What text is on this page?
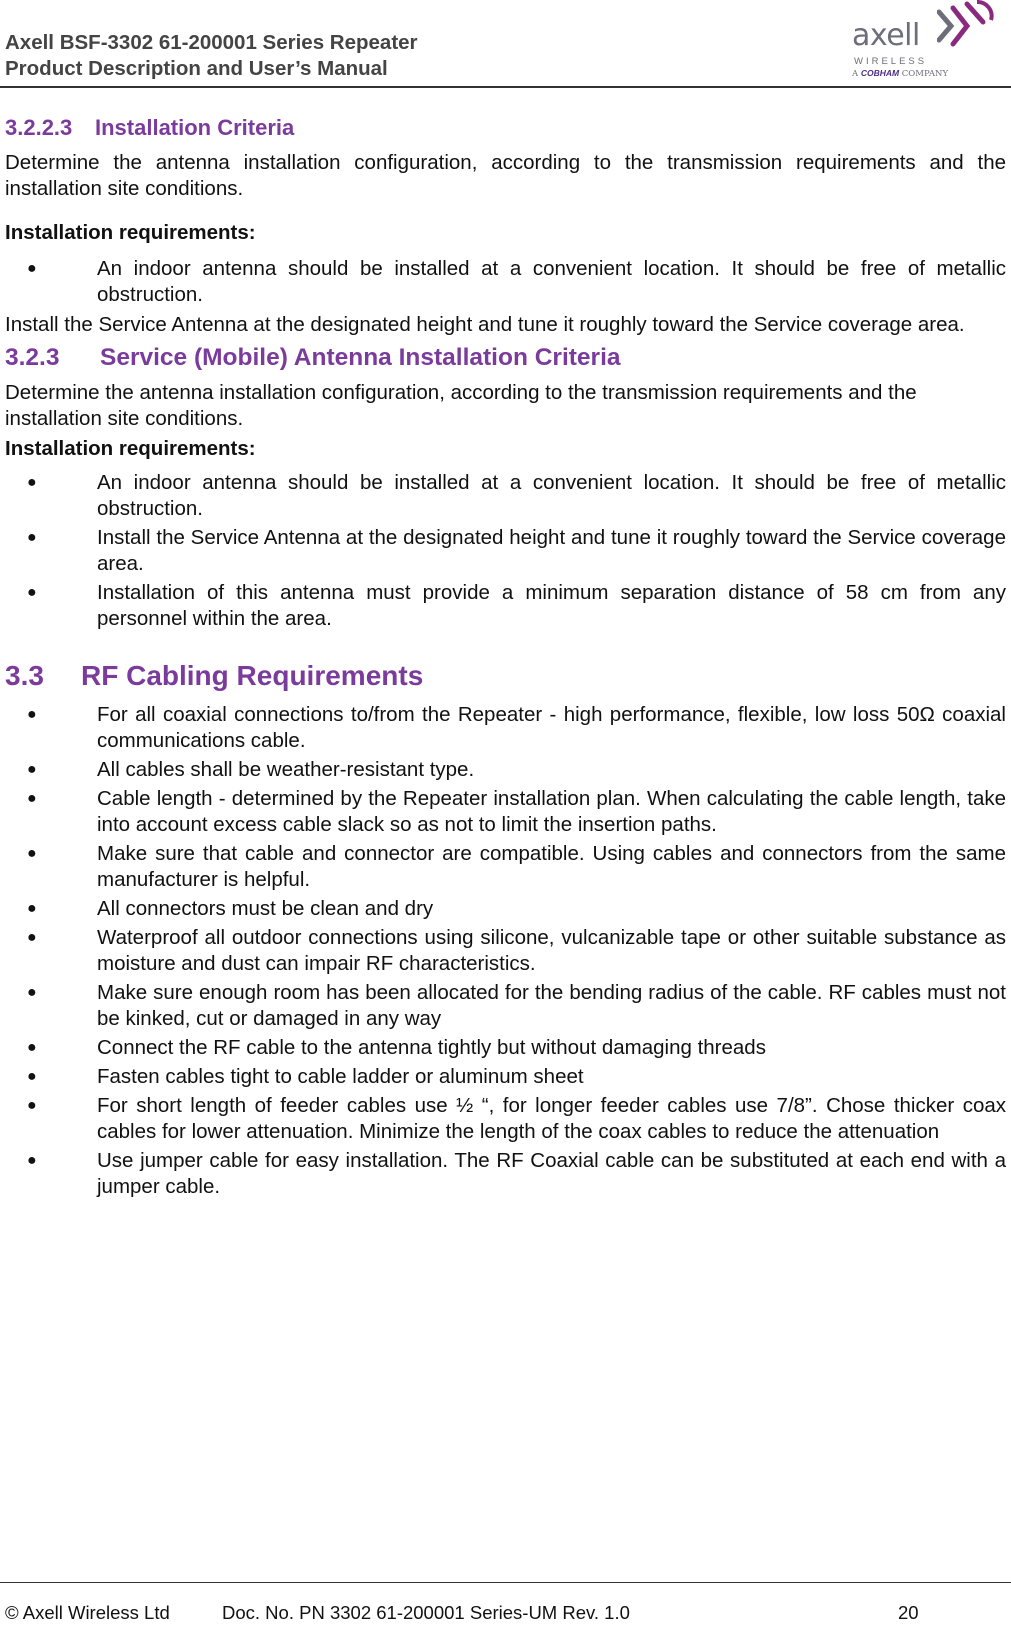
Axell BSF-3302 61-200001 Series Repeater
Product Description and User’s Manual
axell
WIRELESS
A COBHAM COMPANY
3.2.2.3 Installation Criteria

Determine the antenna installation configuration, according to the transmission requirements and the installation site conditions.

Installation requirements:

●	An indoor antenna should be installed at a convenient location. It should be free of metallic obstruction.

Install the Service Antenna at the designated height and tune it roughly toward the Service coverage area.

3.2.3 Service (Mobile) Antenna Installation Criteria

Determine the antenna installation configuration, according to the transmission requirements and the installation site conditions.

Installation requirements:

●	An indoor antenna should be installed at a convenient location. It should be free of metallic obstruction.
●	Install the Service Antenna at the designated height and tune it roughly toward the Service coverage area.
●	Installation of this antenna must provide a minimum separation distance of 58 cm from any personnel within the area.
3.3 RF Cabling Requirements
●	For all coaxial connections to/from the Repeater - high performance, flexible, low loss 50Ω coaxial communications cable.
●	All cables shall be weather-resistant type.
●	Cable length - determined by the Repeater installation plan. When calculating the cable length, take into account excess cable slack so as not to limit the insertion paths.
●	Make sure that cable and connector are compatible. Using cables and connectors from the same manufacturer is helpful.
●	All connectors must be clean and dry
●	Waterproof all outdoor connections using silicone, vulcanizable tape or other suitable substance as moisture and dust can impair RF characteristics.
●	Make sure enough room has been allocated for the bending radius of the cable. RF cables must not be kinked, cut or damaged in any way
●	Connect the RF cable to the antenna tightly but without damaging threads
●	Fasten cables tight to cable ladder or aluminum sheet
●	For short length of feeder cables use ½ “, for longer feeder cables use 7/8”. Chose thicker coax cables for lower attenuation. Minimize the length of the coax cables to reduce the attenuation
●	Use jumper cable for easy installation. The RF Coaxial cable can be substituted at each end with a jumper cable.
© Axell Wireless Ltd	Doc. No. PN 3302 61-200001 Series-UM Rev. 1.0	20
